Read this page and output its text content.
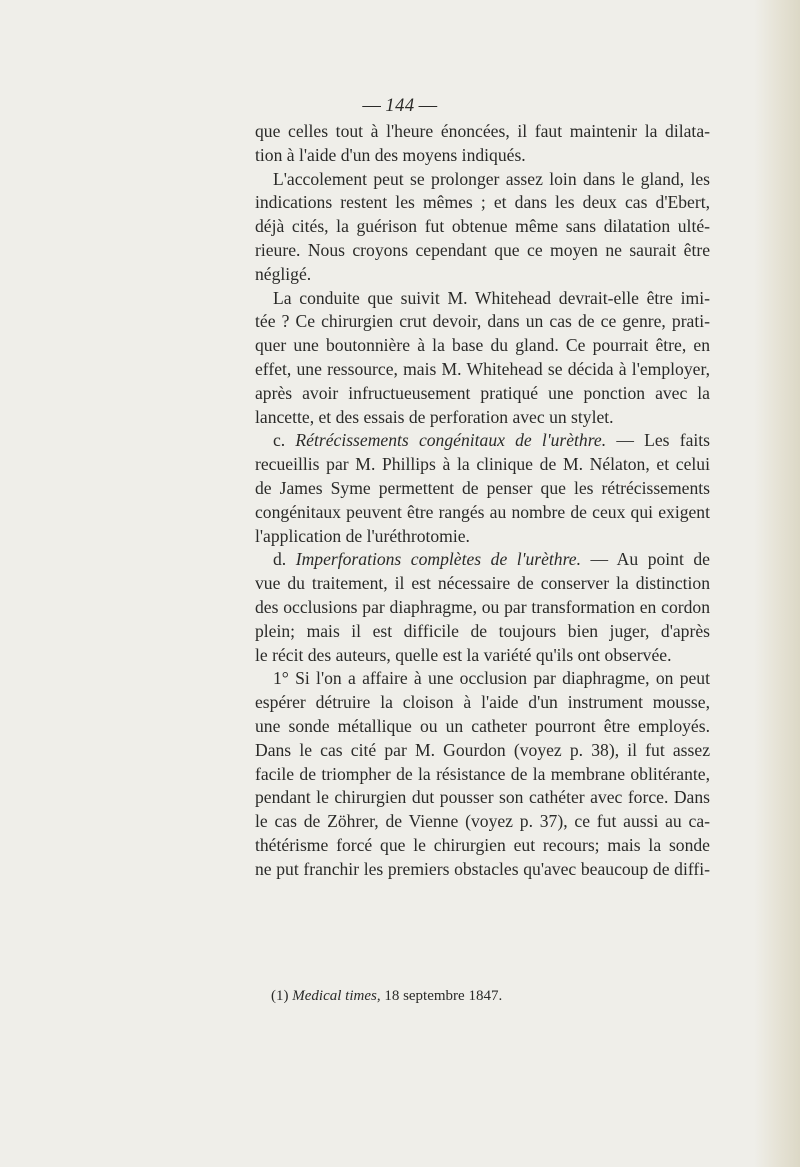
— 144 —
que celles tout à l'heure énoncées, il faut maintenir la dilata-
tion à l'aide d'un des moyens indiqués.
L'accolement peut se prolonger assez loin dans le gland, les
indications restent les mêmes ; et dans les deux cas d'Ebert,
déjà cités, la guérison fut obtenue même sans dilatation ulté-
rieure. Nous croyons cependant que ce moyen ne saurait être
négligé.
La conduite que suivit M. Whitehead devrait-elle être imi-
tée ? Ce chirurgien crut devoir, dans un cas de ce genre, prati-
quer une boutonnière à la base du gland. Ce pourrait être, en
effet, une ressource, mais M. Whitehead se décida à l'employer,
après avoir infructueusement pratiqué une ponction avec la
lancette, et des essais de perforation avec un stylet.
c. Rétrécissements congénitaux de l'urèthre. — Les faits
recueillis par M. Phillips à la clinique de M. Nélaton, et celui
de James Syme permettent de penser que les rétrécissements
congénitaux peuvent être rangés au nombre de ceux qui exigent
l'application de l'uréthrotomie.
d. Imperforations complètes de l'urèthre. — Au point de
vue du traitement, il est nécessaire de conserver la distinction
des occlusions par diaphragme, ou par transformation en cordon
plein; mais il est difficile de toujours bien juger, d'après
le récit des auteurs, quelle est la variété qu'ils ont observée.
1° Si l'on a affaire à une occlusion par diaphragme, on peut
espérer détruire la cloison à l'aide d'un instrument mousse,
une sonde métallique ou un catheter pourront être employés.
Dans le cas cité par M. Gourdon (voyez p. 38), il fut assez
facile de triompher de la résistance de la membrane oblitérante,
pendant le chirurgien dut pousser son cathéter avec force. Dans
le cas de Zöhrer, de Vienne (voyez p. 37), ce fut aussi au ca-
thétérisme forcé que le chirurgien eut recours; mais la sonde
ne put franchir les premiers obstacles qu'avec beaucoup de diffi-
(1) Medical times, 18 septembre 1847.
